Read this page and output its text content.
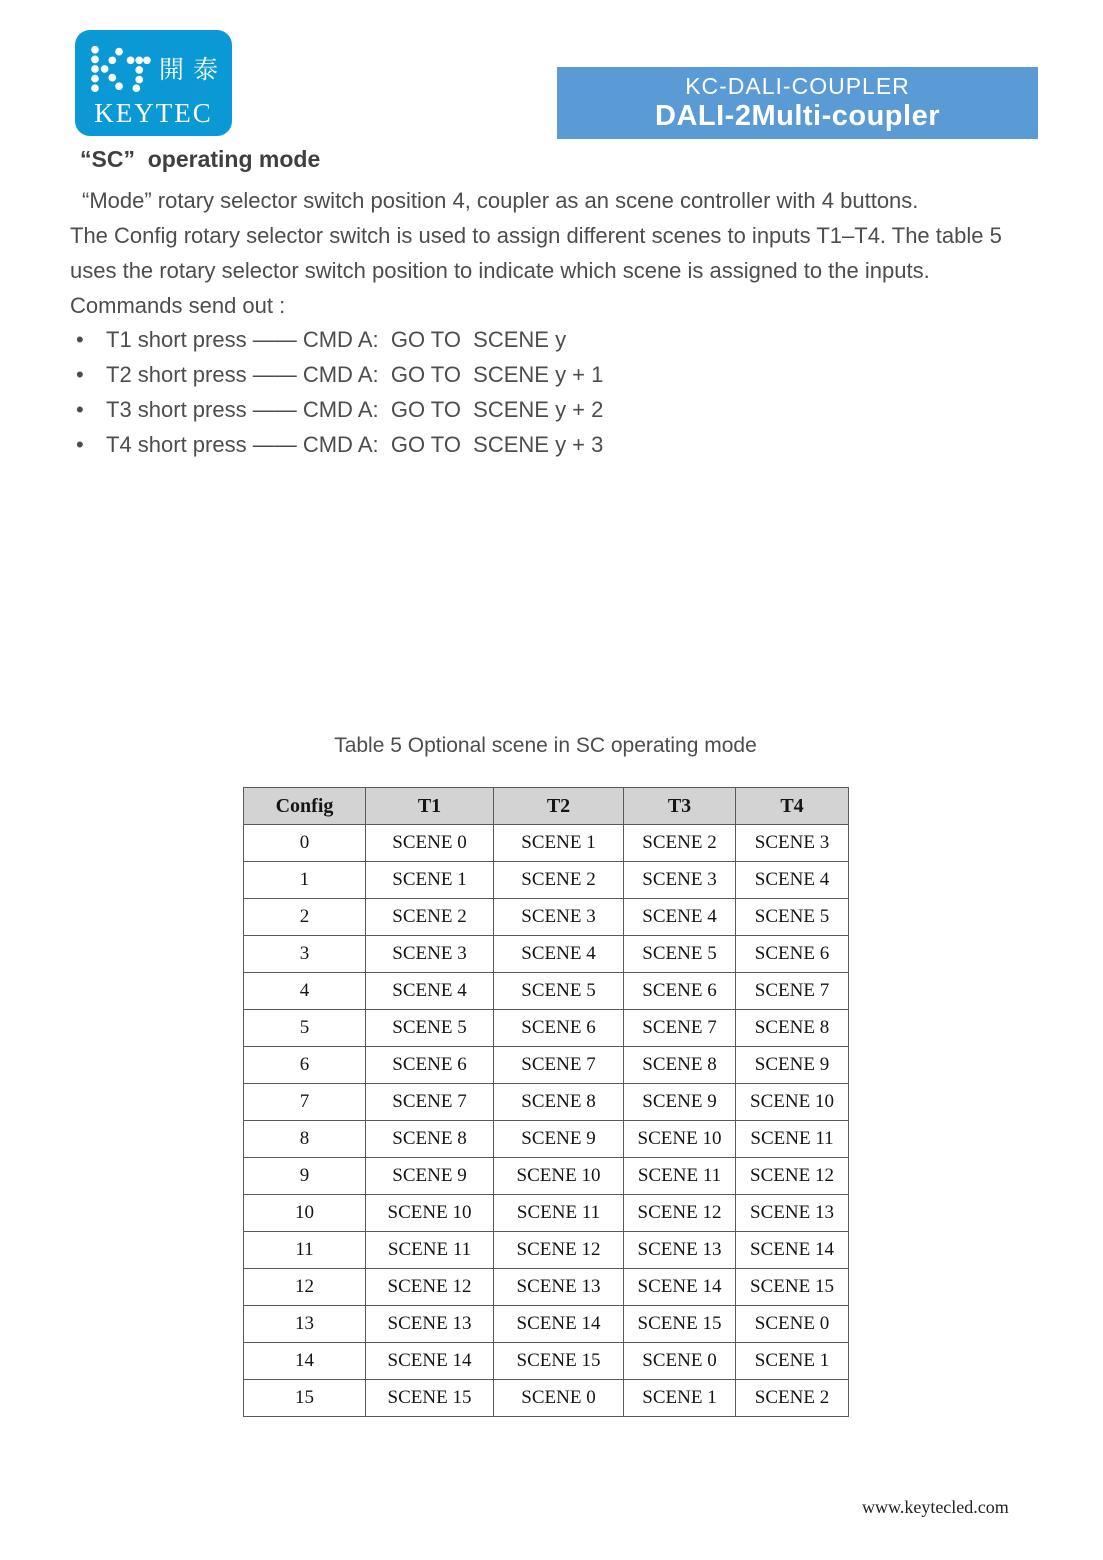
開泰
KEYTEC
KC-DALI-COUPLER
DALI-2Multi-coupler
“SC”  operating mode
“Mode” rotary selector switch position 4, coupler as an scene controller with 4 buttons.
The Config rotary selector switch is used to assign different scenes to inputs T1–T4. The table 5
uses the rotary selector switch position to indicate which scene is assigned to the inputs.
Commands send out :
• T1 short press —— CMD A:  GO TO  SCENE y
• T2 short press —— CMD A:  GO TO  SCENE y + 1
• T3 short press —— CMD A:  GO TO  SCENE y + 2
• T4 short press —— CMD A:  GO TO  SCENE y + 3
Table 5 Optional scene in SC operating mode
Config	T1	T2	T3	T4
0	SCENE 0	SCENE 1	SCENE 2	SCENE 3
1	SCENE 1	SCENE 2	SCENE 3	SCENE 4
2	SCENE 2	SCENE 3	SCENE 4	SCENE 5
3	SCENE 3	SCENE 4	SCENE 5	SCENE 6
4	SCENE 4	SCENE 5	SCENE 6	SCENE 7
5	SCENE 5	SCENE 6	SCENE 7	SCENE 8
6	SCENE 6	SCENE 7	SCENE 8	SCENE 9
7	SCENE 7	SCENE 8	SCENE 9	SCENE 10
8	SCENE 8	SCENE 9	SCENE 10	SCENE 11
9	SCENE 9	SCENE 10	SCENE 11	SCENE 12
10	SCENE 10	SCENE 11	SCENE 12	SCENE 13
11	SCENE 11	SCENE 12	SCENE 13	SCENE 14
12	SCENE 12	SCENE 13	SCENE 14	SCENE 15
13	SCENE 13	SCENE 14	SCENE 15	SCENE 0
14	SCENE 14	SCENE 15	SCENE 0	SCENE 1
15	SCENE 15	SCENE 0	SCENE 1	SCENE 2
www.keytecled.com
